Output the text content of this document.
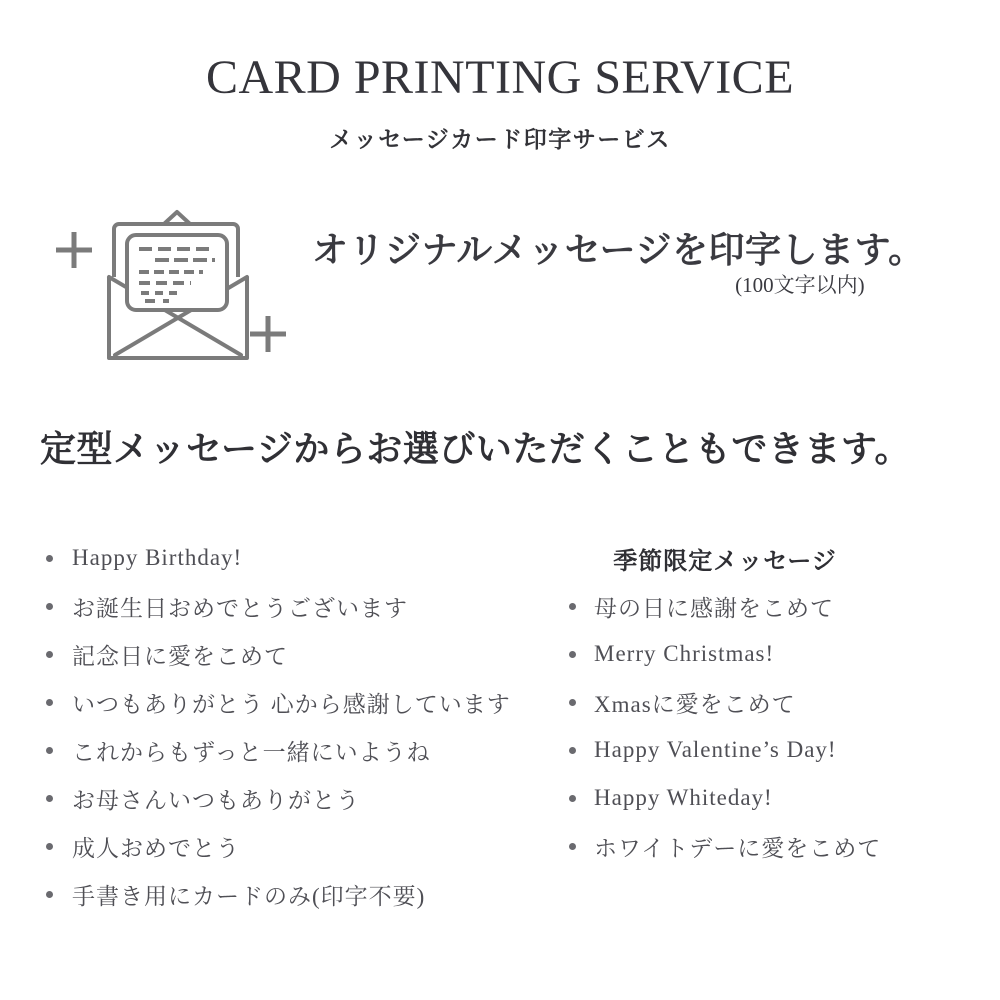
CARD PRINTING SERVICE
メッセージカード印字サービス
オリジナルメッセージを印字します。
(100文字以内)
定型メッセージからお選びいただくこともできます。
Happy Birthday!
お誕生日おめでとうございます
記念日に愛をこめて
いつもありがとう 心から感謝しています
これからもずっと一緒にいようね
お母さんいつもありがとう
成人おめでとう
手書き用にカードのみ(印字不要)
季節限定メッセージ
母の日に感謝をこめて
Merry Christmas!
Xmasに愛をこめて
Happy Valentine’s Day!
Happy Whiteday!
ホワイトデーに愛をこめて
